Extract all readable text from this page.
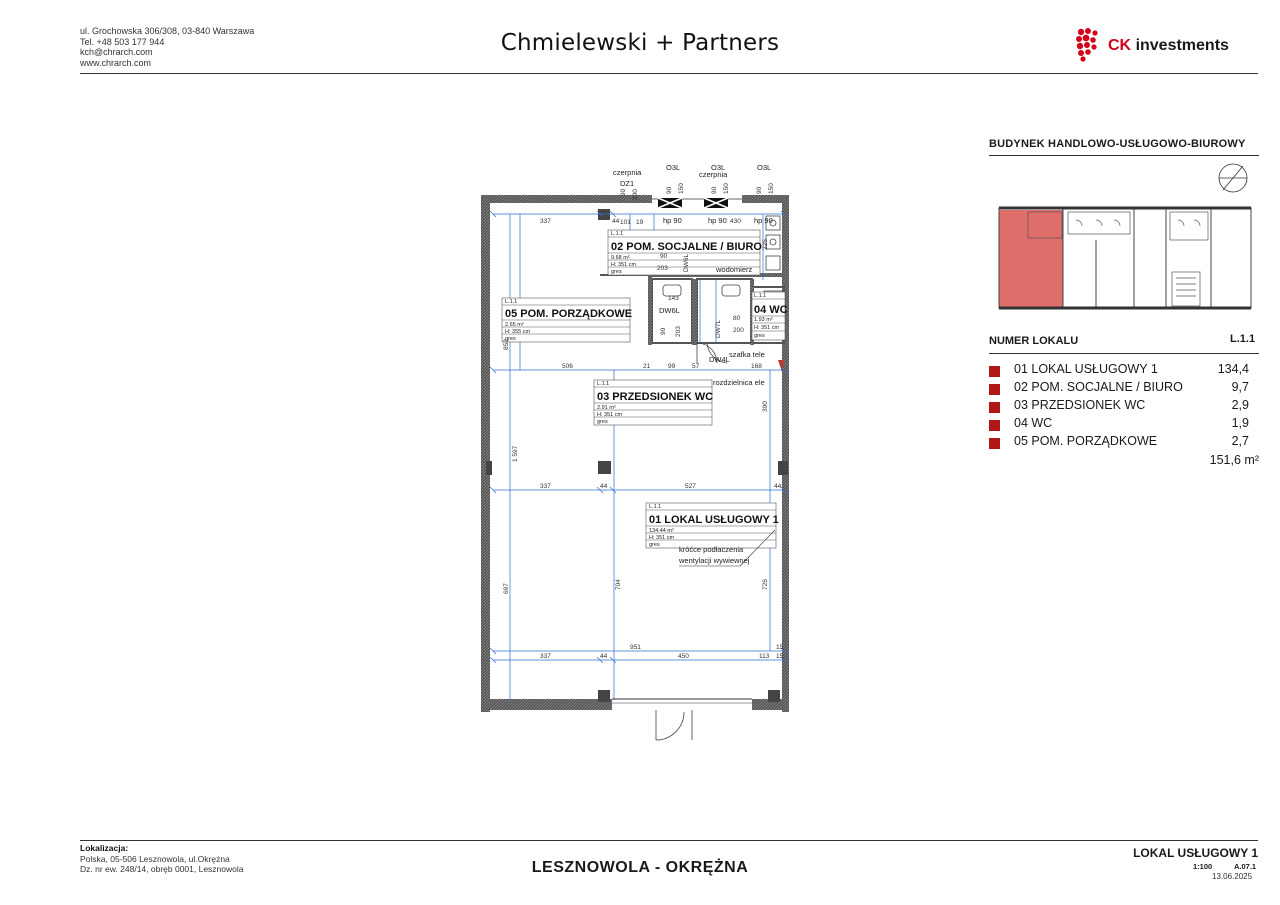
ul. Grochowska 306/308, 03-840 Warszawa
Tel. +48 503 177 944
kch@chrarch.com
www.chrarch.com
Chmielewski + Partners	CK investments
L.1.1
2.65 m²
H: 355 cm
gres
L.1.1
9.68 m²
H: 351 cm
gres
L.1.1
2.91 m²
H: 351 cm
gres
L.1.1
134.44 m²
H: 351 cm
gres
L.1.1
1.93 m²
H: 351 cm
gres
05 POM. PORZĄDKOWE
02 POM. SOCJALNE / BIURO
03 PRZEDSIONEK WC
01 LOKAL USŁUGOWY 1
04 WC
czerpnia	czerpnia
O3L	O3L	O3L
DZ1
hp 90	hp 90	hp 90
wodomierz
DW6L
DW4L
szafka tele
rozdzielnica ele
króćce podłaczenia
wentylacji wywiewnej
337	44 101 19	430
90
203
143
80
200
506	21	99	57	168
337	44	527	44
951	15
337	44	450	113 15
1 597
852
697	704	726
390
225
90 150	90 150	90 150
90 200
90 203	DW7L
DW6L
BUDYNEK HANDLOWO-USŁUGOWO-BIUROWY
NUMER LOKALU	L.1.1
01 LOKAL USŁUGOWY 1	134,4
02 POM. SOCJALNE / BIURO	9,7
03 PRZEDSIONEK WC	2,9
04 WC	1,9
05 POM. PORZĄDKOWE	2,7
151,6 m²
Lokalizacja:
Polska, 05-506 Lesznowola, ul.Okrężna
Dz. nr ew. 248/14, obręb 0001, Lesznowola	LESZNOWOLA - OKRĘŻNA
LOKAL USŁUGOWY 1
1:100	A.07.1
13.06.2025
